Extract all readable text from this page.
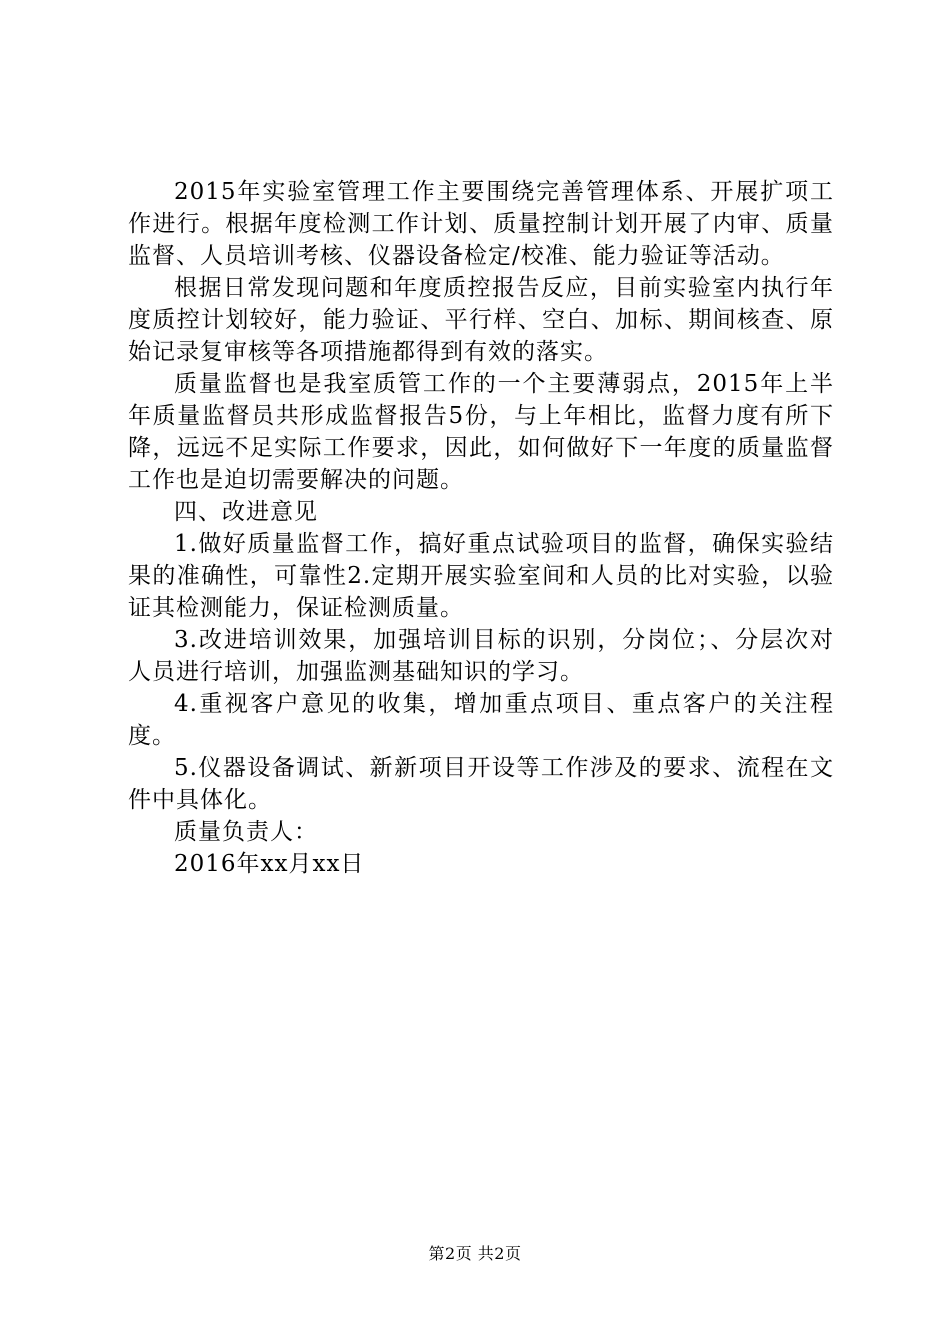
2015年实验室管理工作主要围绕完善管理体系、开展扩项工作进行。根据年度检测工作计划、质量控制计划开展了内审、质量监督、人员培训考核、仪器设备检定/校准、能力验证等活动。

根据日常发现问题和年度质控报告反应，目前实验室内执行年度质控计划较好，能力验证、平行样、空白、加标、期间核查、原始记录复审核等各项措施都得到有效的落实。

质量监督也是我室质管工作的一个主要薄弱点，2015年上半年质量监督员共形成监督报告5份，与上年相比，监督力度有所下降，远远不足实际工作要求，因此，如何做好下一年度的质量监督工作也是迫切需要解决的问题。

四、改进意见

1.做好质量监督工作，搞好重点试验项目的监督，确保实验结果的准确性，可靠性2.定期开展实验室间和人员的比对实验，以验证其检测能力，保证检测质量。

3.改进培训效果，加强培训目标的识别，分岗位；、分层次对人员进行培训，加强监测基础知识的学习。

4.重视客户意见的收集，增加重点项目、重点客户的关注程度。

5.仪器设备调试、新新项目开设等工作涉及的要求、流程在文件中具体化。

质量负责人：

2016年xx月xx日

第2页 共2页
